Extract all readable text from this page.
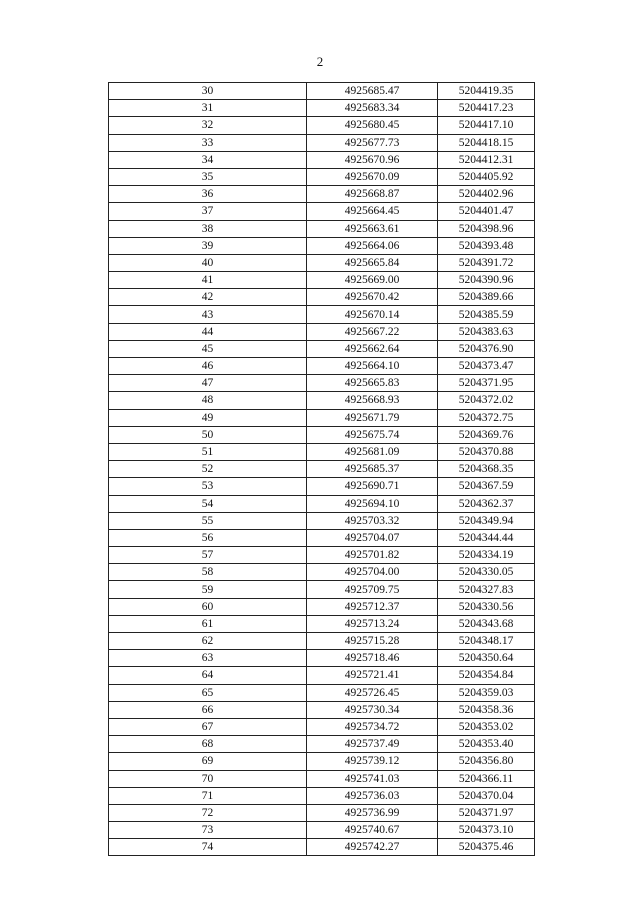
2
30	4925685.47	5204419.35
31	4925683.34	5204417.23
32	4925680.45	5204417.10
33	4925677.73	5204418.15
34	4925670.96	5204412.31
35	4925670.09	5204405.92
36	4925668.87	5204402.96
37	4925664.45	5204401.47
38	4925663.61	5204398.96
39	4925664.06	5204393.48
40	4925665.84	5204391.72
41	4925669.00	5204390.96
42	4925670.42	5204389.66
43	4925670.14	5204385.59
44	4925667.22	5204383.63
45	4925662.64	5204376.90
46	4925664.10	5204373.47
47	4925665.83	5204371.95
48	4925668.93	5204372.02
49	4925671.79	5204372.75
50	4925675.74	5204369.76
51	4925681.09	5204370.88
52	4925685.37	5204368.35
53	4925690.71	5204367.59
54	4925694.10	5204362.37
55	4925703.32	5204349.94
56	4925704.07	5204344.44
57	4925701.82	5204334.19
58	4925704.00	5204330.05
59	4925709.75	5204327.83
60	4925712.37	5204330.56
61	4925713.24	5204343.68
62	4925715.28	5204348.17
63	4925718.46	5204350.64
64	4925721.41	5204354.84
65	4925726.45	5204359.03
66	4925730.34	5204358.36
67	4925734.72	5204353.02
68	4925737.49	5204353.40
69	4925739.12	5204356.80
70	4925741.03	5204366.11
71	4925736.03	5204370.04
72	4925736.99	5204371.97
73	4925740.67	5204373.10
74	4925742.27	5204375.46
